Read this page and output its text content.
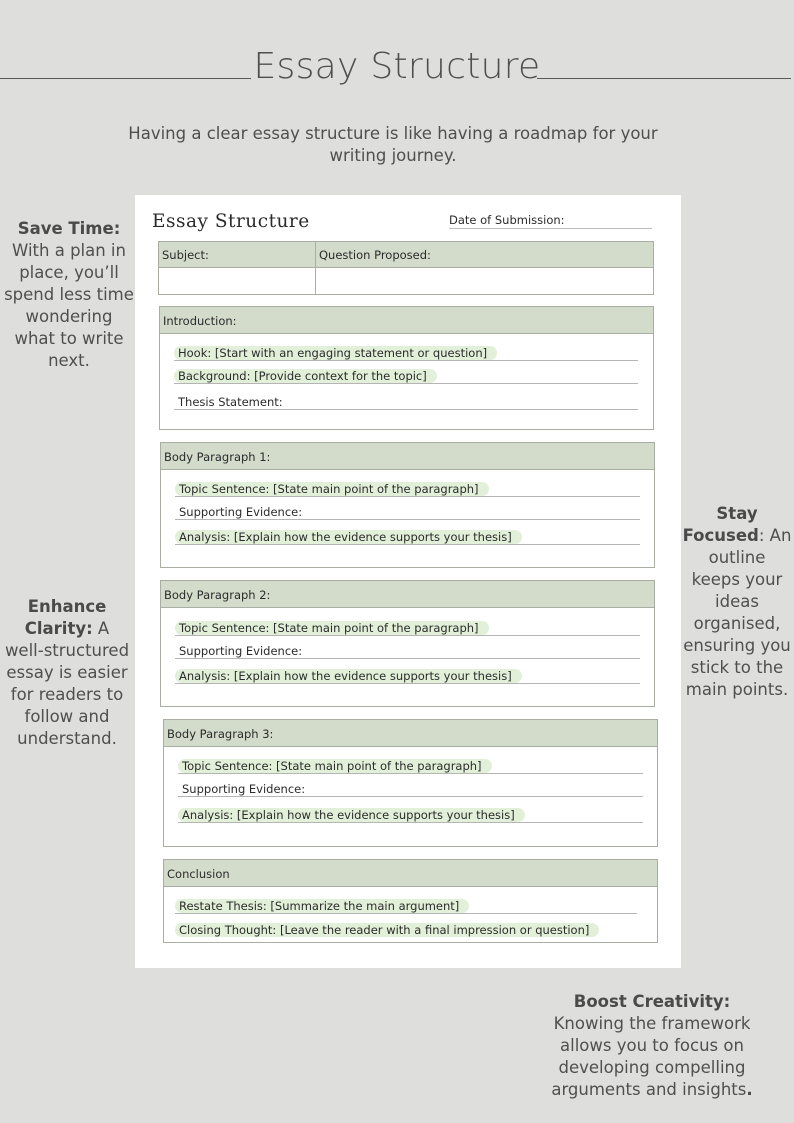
Essay Structure

Having a clear essay structure is like having a roadmap for your writing journey.

Save Time: With a plan in place, you’ll spend less time wondering what to write next.
Enhance Clarity: A well-structured essay is easier for readers to follow and understand.
Stay Focused: An outline keeps your ideas organised, ensuring you stick to the main points.
Boost Creativity: Knowing the framework allows you to focus on developing compelling arguments and insights.
Essay Structure	Date of Submission:
Subject:	Question Proposed:
Introduction:
Hook: [Start with an engaging statement or question]
Background: [Provide context for the topic]
Thesis Statement:
Body Paragraph 1:
Topic Sentence: [State main point of the paragraph]
Supporting Evidence:
Analysis: [Explain how the evidence supports your thesis]
Body Paragraph 2:
Topic Sentence: [State main point of the paragraph]
Supporting Evidence:
Analysis: [Explain how the evidence supports your thesis]
Body Paragraph 3:
Topic Sentence: [State main point of the paragraph]
Supporting Evidence:
Analysis: [Explain how the evidence supports your thesis]
Conclusion
Restate Thesis: [Summarize the main argument]
Closing Thought: [Leave the reader with a final impression or question]
